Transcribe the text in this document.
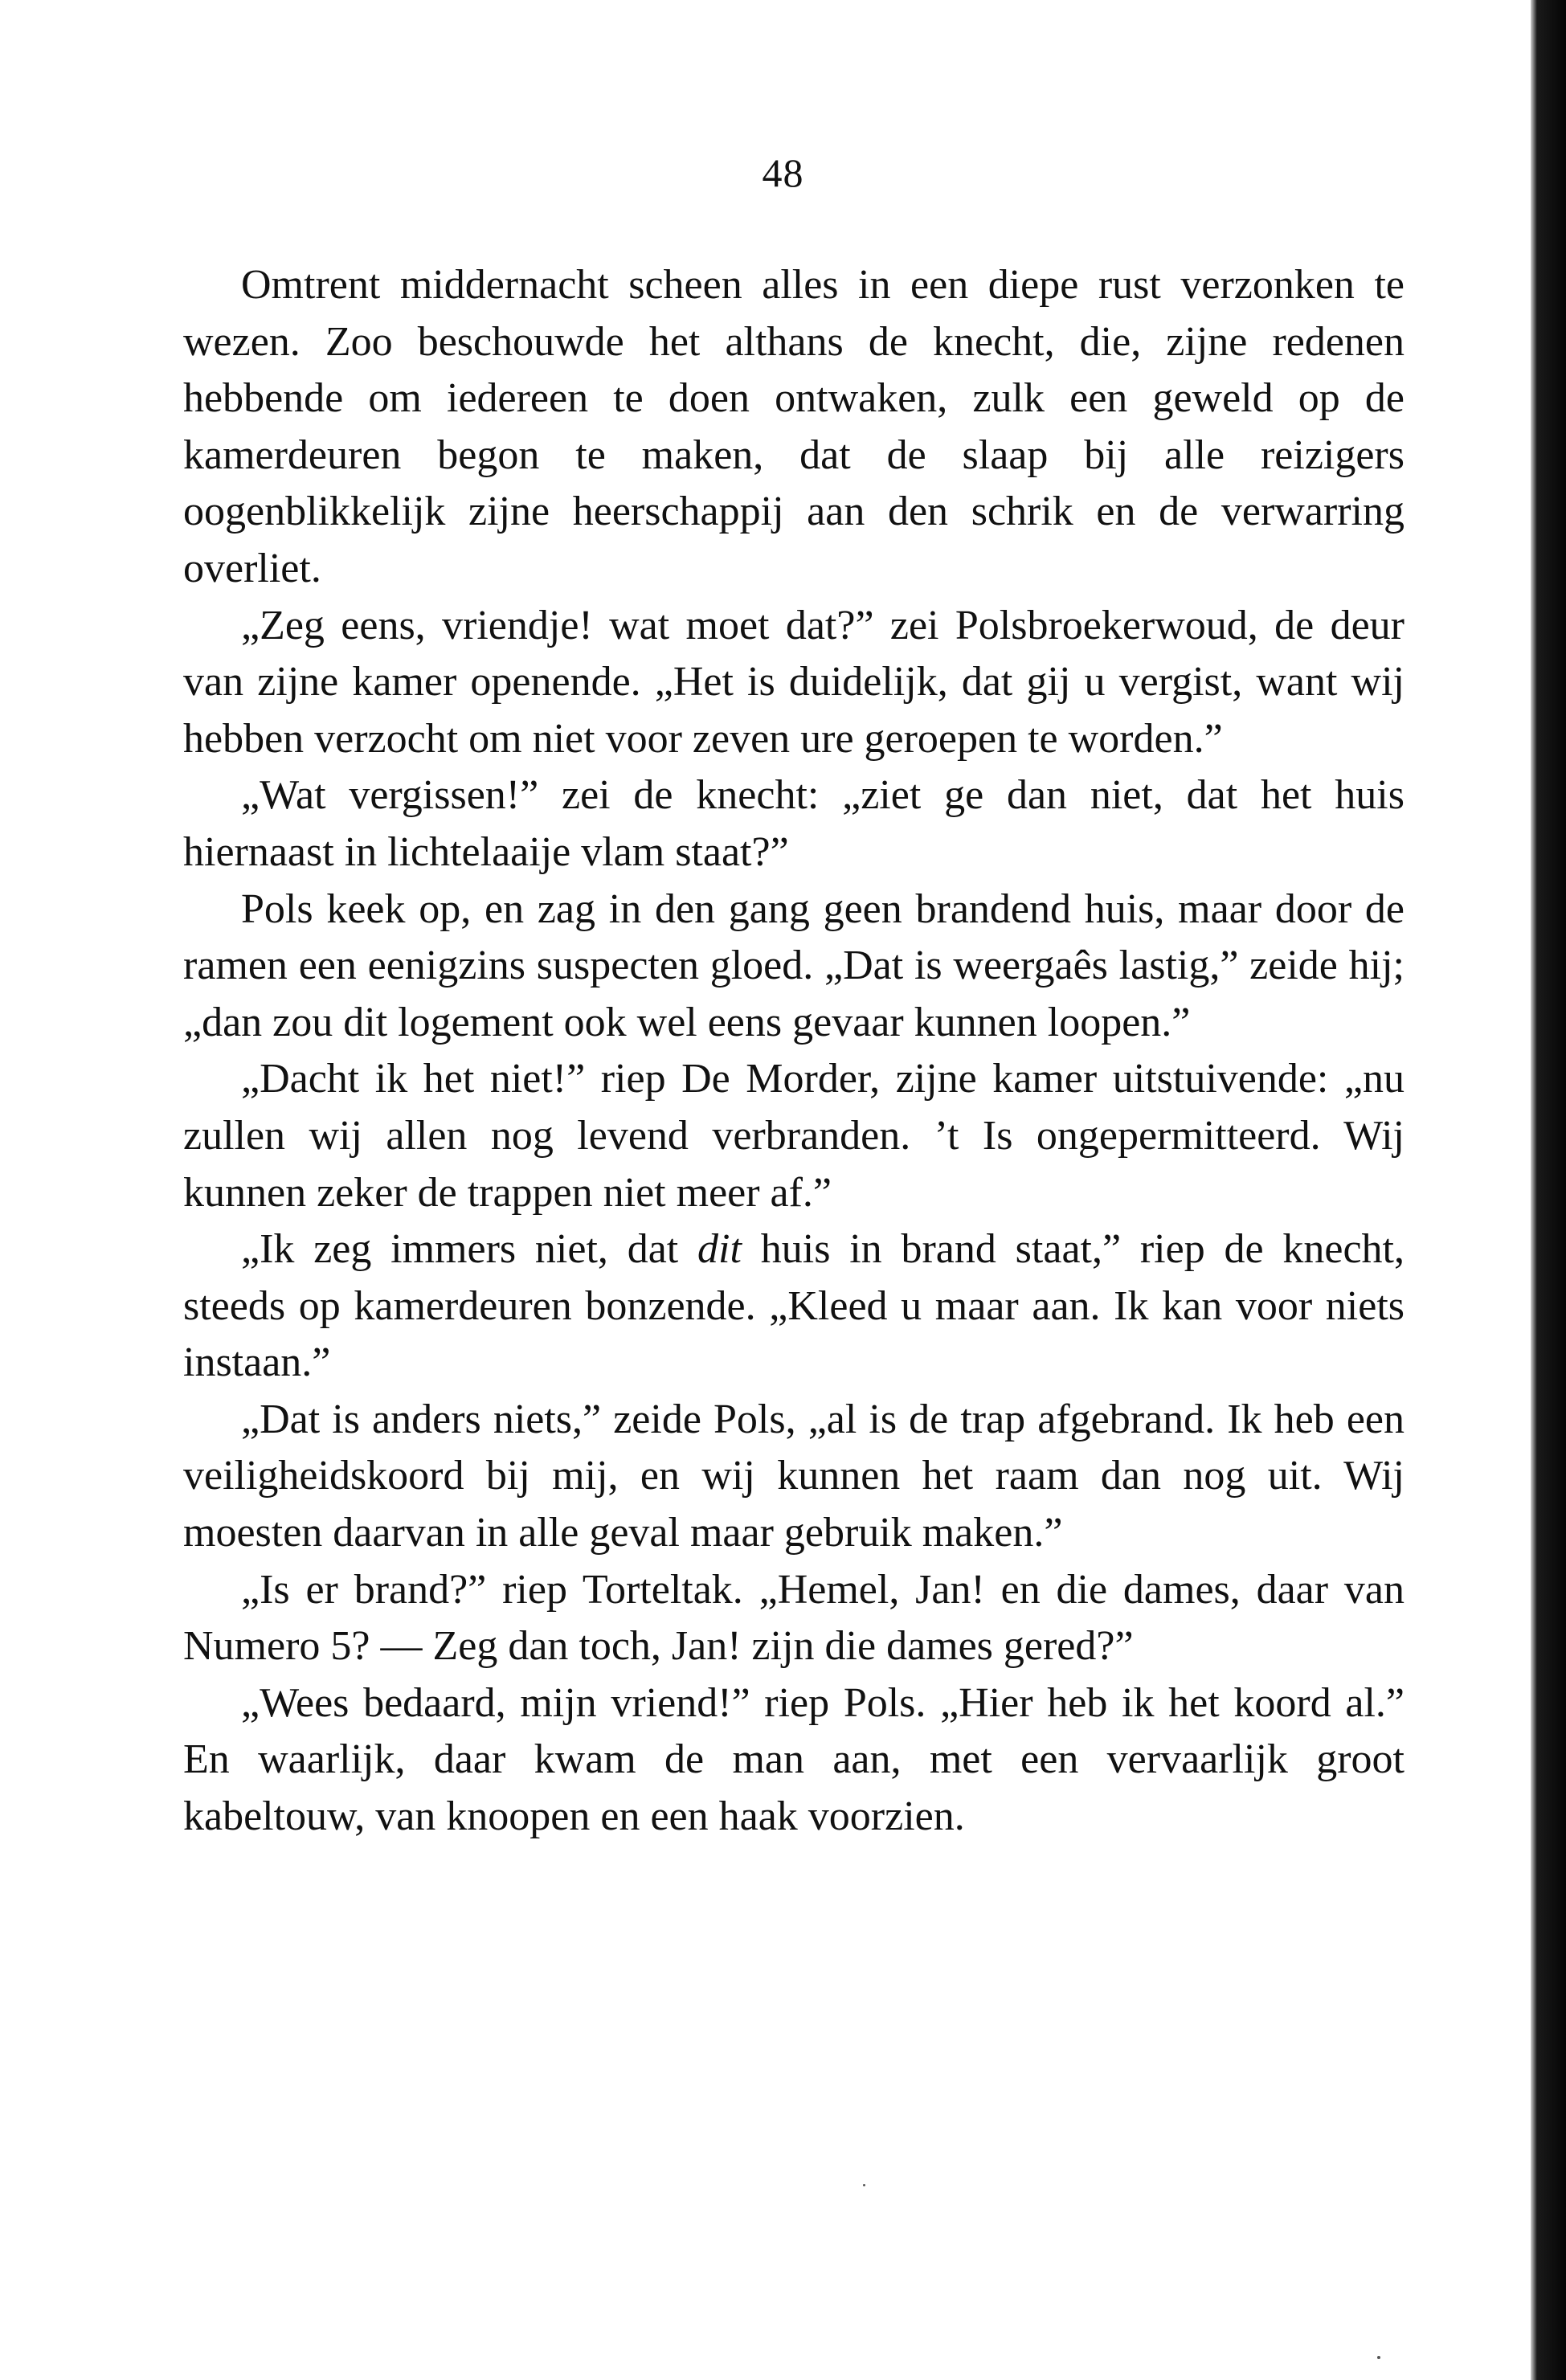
48

Omtrent middernacht scheen alles in een diepe rust verzonken te wezen. Zoo beschouwde het althans de knecht, die, zijne redenen hebbende om iedereen te doen ontwaken, zulk een geweld op de kamerdeuren begon te maken, dat de slaap bij alle reizigers oogenblikkelijk zijne heerschappij aan den schrik en de verwarring overliet.

„Zeg eens, vriendje! wat moet dat?” zei Polsbroekerwoud, de deur van zijne kamer openende. „Het is duidelijk, dat gij u vergist, want wij hebben verzocht om niet voor zeven ure geroepen te worden.”

„Wat vergissen!” zei de knecht: „ziet ge dan niet, dat het huis hiernaast in lichtelaaije vlam staat?”

Pols keek op, en zag in den gang geen brandend huis, maar door de ramen een eenigzins suspecten gloed. „Dat is weergaês lastig,” zeide hij; „dan zou dit logement ook wel eens gevaar kunnen loopen.”

„Dacht ik het niet!” riep De Morder, zijne kamer uitstuivende: „nu zullen wij allen nog levend verbranden. ’t Is ongepermitteerd. Wij kunnen zeker de trappen niet meer af.”

„Ik zeg immers niet, dat dit huis in brand staat,” riep de knecht, steeds op kamerdeuren bonzende. „Kleed u maar aan. Ik kan voor niets instaan.”

„Dat is anders niets,” zeide Pols, „al is de trap afgebrand. Ik heb een veiligheidskoord bij mij, en wij kunnen het raam dan nog uit. Wij moesten daarvan in alle geval maar gebruik maken.”

„Is er brand?” riep Torteltak. „Hemel, Jan! en die dames, daar van Numero 5? — Zeg dan toch, Jan! zijn die dames gered?”

„Wees bedaard, mijn vriend!” riep Pols. „Hier heb ik het koord al.” En waarlijk, daar kwam de man aan, met een vervaarlijk groot kabeltouw, van knoopen en een haak voorzien.
